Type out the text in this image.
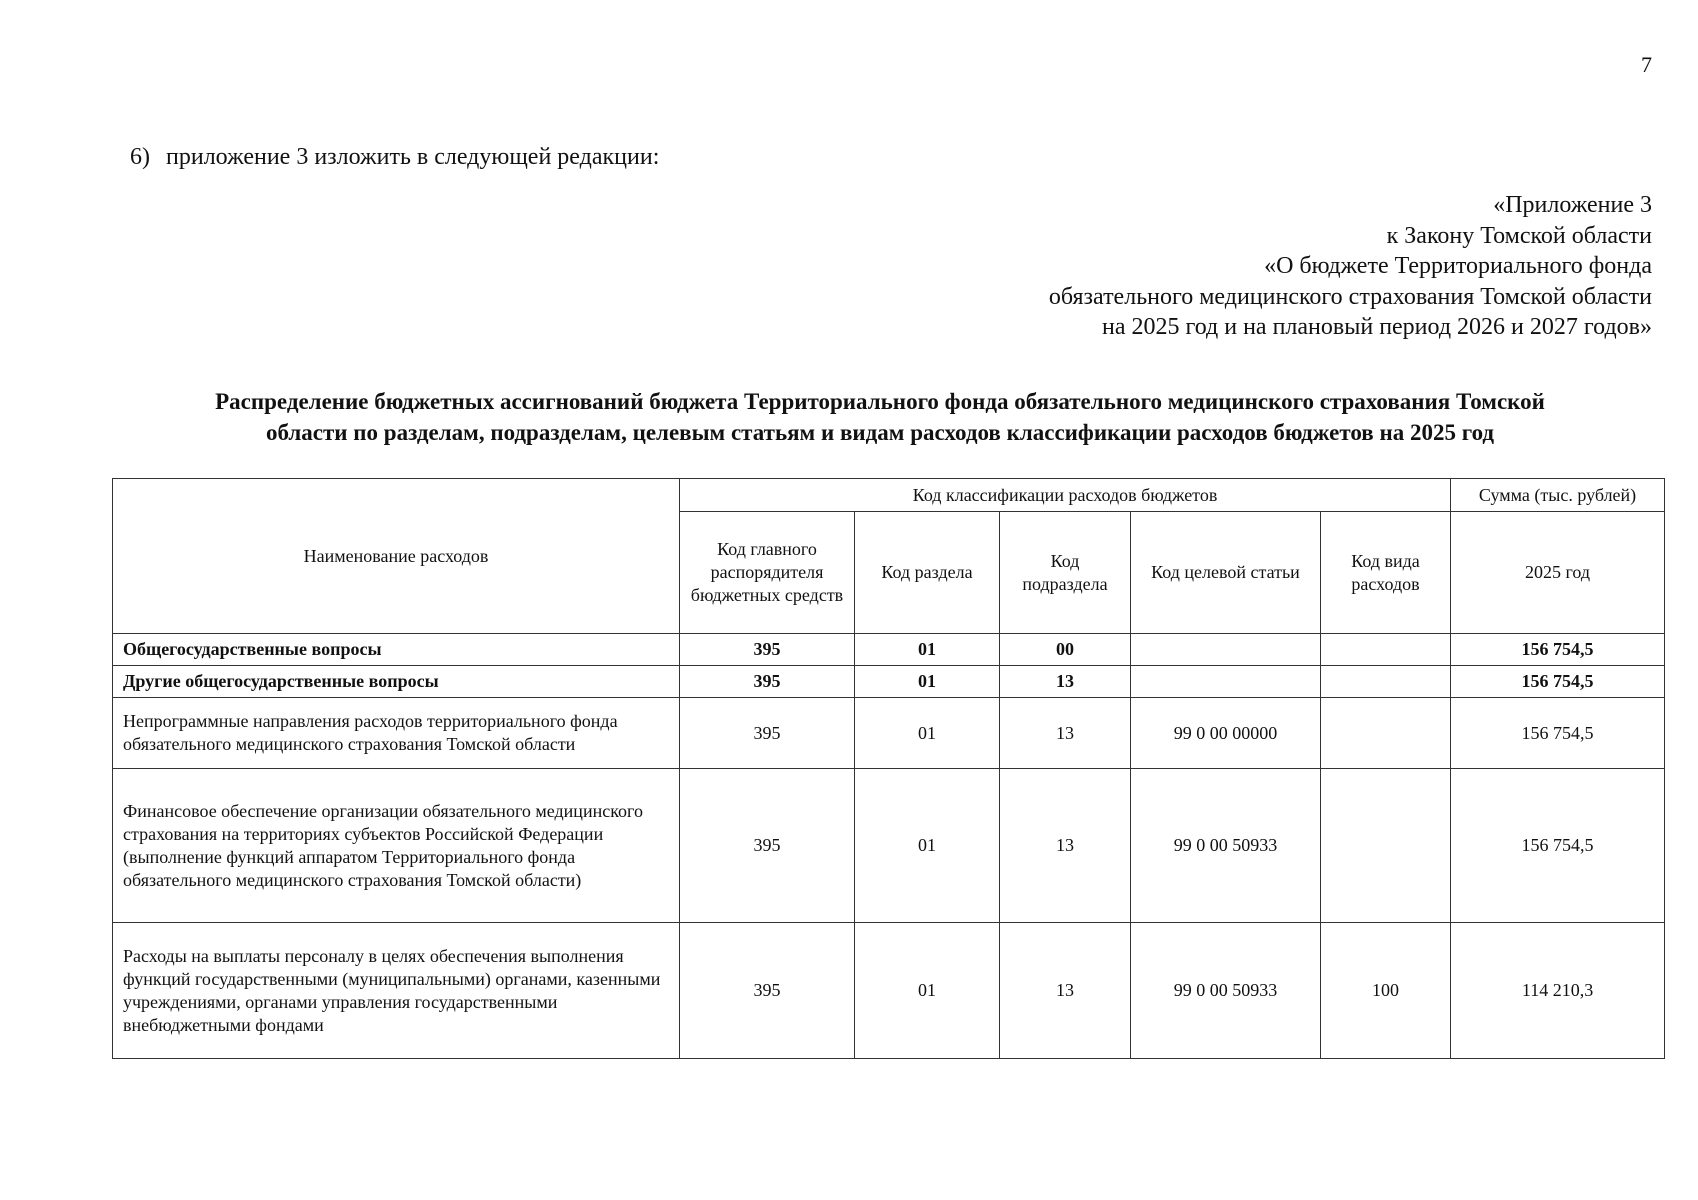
7
6) приложение 3 изложить в следующей редакции:
«Приложение 3
к Закону Томской области
«О бюджете Территориального фонда
обязательного медицинского страхования Томской области
на 2025 год и на плановый период 2026 и 2027 годов»
Распределение бюджетных ассигнований бюджета Территориального фонда обязательного медицинского страхования Томской
области по разделам, подразделам, целевым статьям и видам расходов классификации расходов бюджетов на 2025 год
Наименование расходов	Код классификации расходов бюджетов					Сумма (тыс. рублей)
	Код главного распорядителя бюджетных средств	Код раздела	Код подраздела	Код целевой статьи	Код вида расходов	2025 год
Общегосударственные вопросы	395	01	00			156 754,5
Другие общегосударственные вопросы	395	01	13			156 754,5
Непрограммные направления расходов территориального фонда обязательного медицинского страхования Томской области	395	01	13	99 0 00 00000		156 754,5
Финансовое обеспечение организации обязательного медицинского страхования на территориях субъектов Российской Федерации (выполнение функций аппаратом Территориального фонда обязательного медицинского страхования Томской области)	395	01	13	99 0 00 50933		156 754,5
Расходы на выплаты персоналу в целях обеспечения выполнения функций государственными (муниципальными) органами, казенными учреждениями, органами управления государственными внебюджетными фондами	395	01	13	99 0 00 50933	100	114 210,3
